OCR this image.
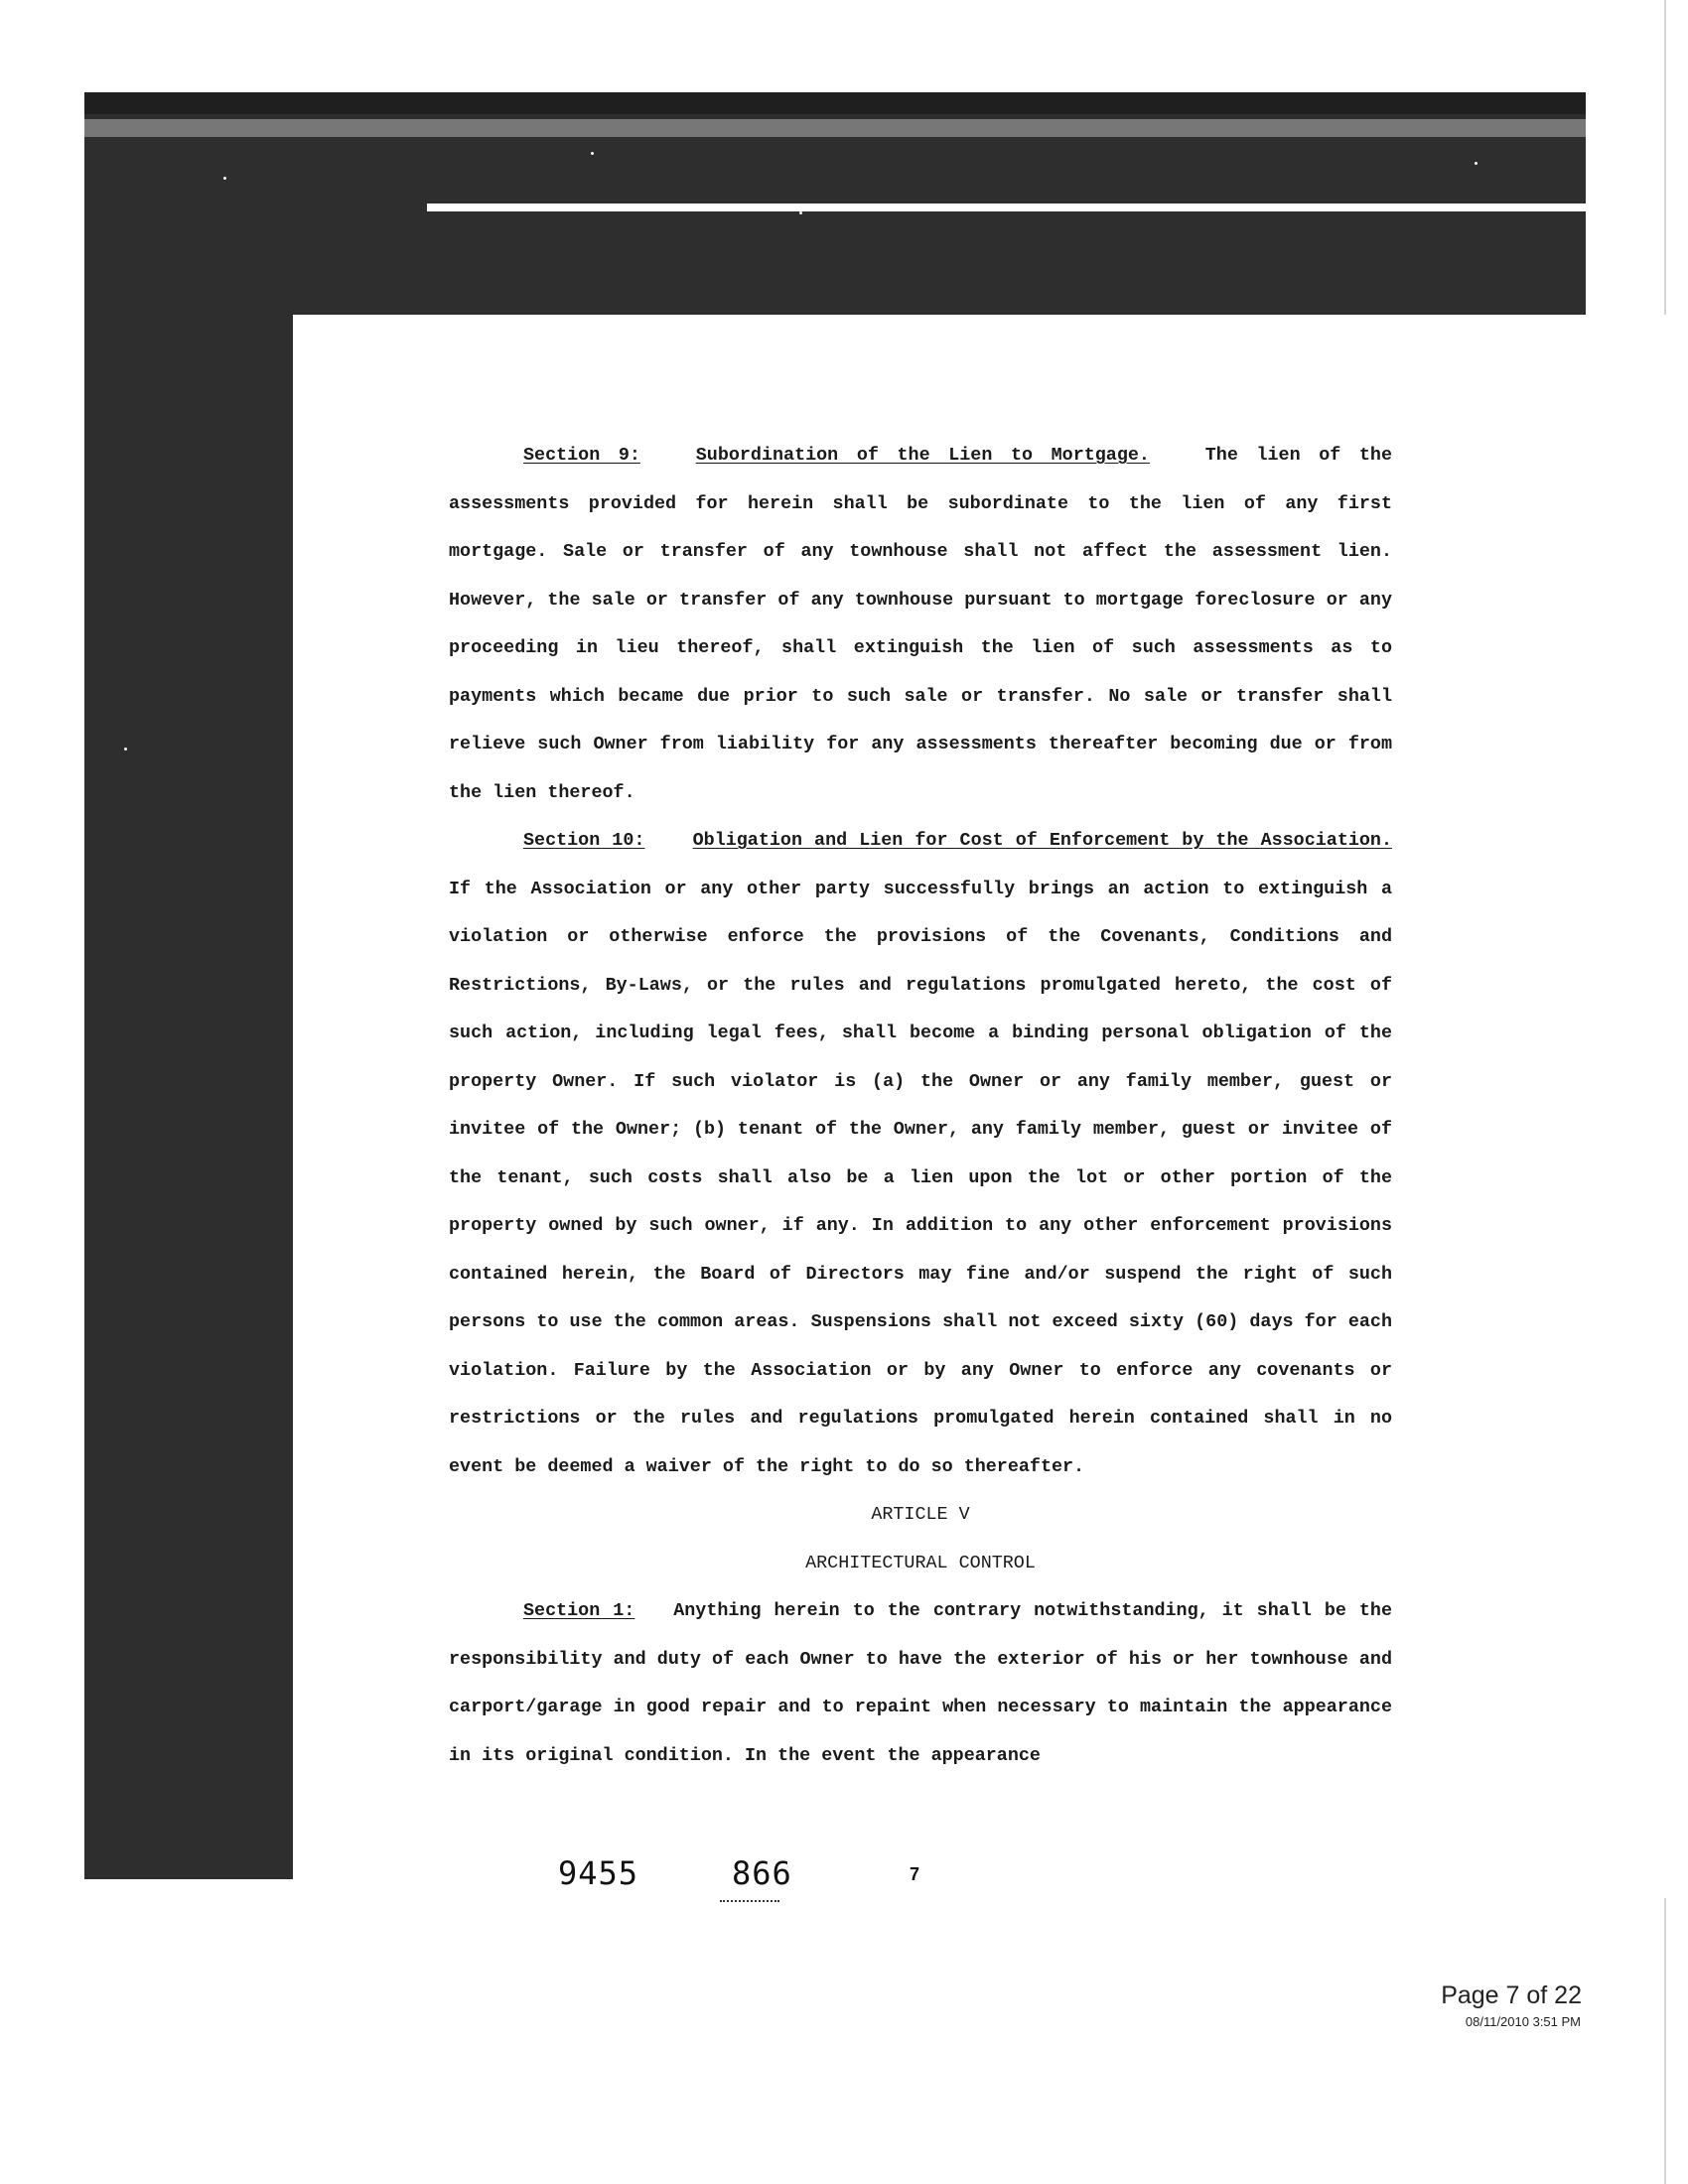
Section 9:	Subordination of the Lien to Mortgage.	The lien of the assessments provided for herein shall be subordinate to the lien of any first mortgage. Sale or transfer of any townhouse shall not affect the assessment lien. However, the sale or transfer of any townhouse pursuant to mortgage foreclosure or any proceeding in lieu thereof, shall extinguish the lien of such assessments as to payments which became due prior to such sale or transfer. No sale or transfer shall relieve such Owner from liability for any assessments thereafter becoming due or from the lien thereof.

Section 10:	Obligation and Lien for Cost of Enforcement by the Association. If the Association or any other party successfully brings an action to extinguish a violation or otherwise enforce the provisions of the Covenants, Conditions and Restrictions, By-Laws, or the rules and regulations promulgated hereto, the cost of such action, including legal fees, shall become a binding personal obligation of the property Owner. If such violator is (a) the Owner or any family member, guest or invitee of the Owner; (b) tenant of the Owner, any family member, guest or invitee of the tenant, such costs shall also be a lien upon the lot or other portion of the property owned by such owner, if any. In addition to any other enforcement provisions contained herein, the Board of Directors may fine and/or suspend the right of such persons to use the common areas. Suspensions shall not exceed sixty (60) days for each violation. Failure by the Association or by any Owner to enforce any covenants or restrictions or the rules and regulations promulgated herein contained shall in no event be deemed a waiver of the right to do so thereafter.

ARTICLE V

ARCHITECTURAL CONTROL

Section 1: Anything herein to the contrary notwithstanding, it shall be the responsibility and duty of each Owner to have the exterior of his or her townhouse and carport/garage in good repair and to repaint when necessary to maintain the appearance in its original condition. In the event the appearance

9455	866	7
Page 7 of 22
08/11/2010 3:51 PM
